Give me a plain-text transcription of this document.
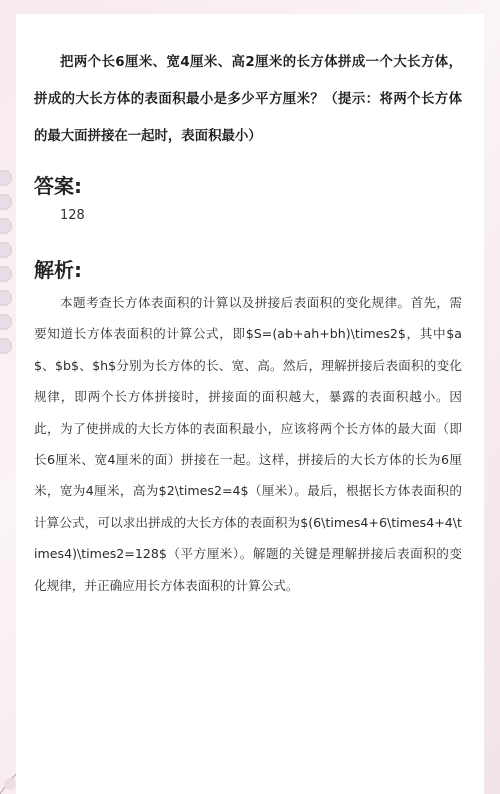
把两个长6厘米、宽4厘米、高2厘米的长方体拼成一个大长方体，拼成的大长方体的表面积最小是多少平方厘米？（提示：将两个长方体的最大面拼接在一起时，表面积最小）
答案:
128
解析:

本题考查长方体表面积的计算以及拼接后表面积的变化规律。首先，需要知道长方体表面积的计算公式，即$S=(ab+ah+bh)\times2$，其中$a$、$b$、$h$分别为长方体的长、宽、高。然后，理解拼接后表面积的变化规律，即两个长方体拼接时，拼接面的面积越大，暴露的表面积越小。因此，为了使拼成的大长方体的表面积最小，应该将两个长方体的最大面（即长6厘米、宽4厘米的面）拼接在一起。这样，拼接后的大长方体的长为6厘米，宽为4厘米，高为$2\times2=4$（厘米）。最后，根据长方体表面积的计算公式，可以求出拼成的大长方体的表面积为$(6\times4+6\times4+4\times4)\times2=128$（平方厘米）。解题的关键是理解拼接后表面积的变化规律，并正确应用长方体表面积的计算公式。
